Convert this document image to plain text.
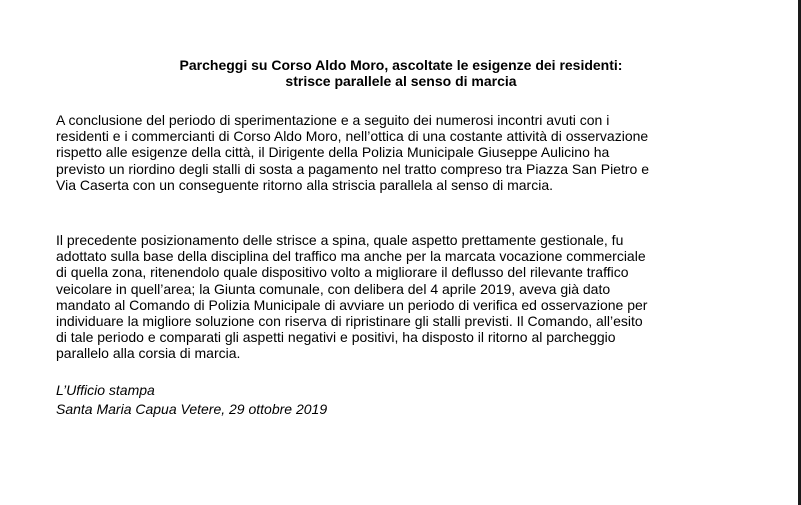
Parcheggi su Corso Aldo Moro, ascoltate le esigenze dei residenti:
strisce parallele al senso di marcia

A conclusione del periodo di sperimentazione e a seguito dei numerosi incontri avuti con i
residenti e i commercianti di Corso Aldo Moro, nell’ottica di una costante attività di osservazione
rispetto alle esigenze della città, il Dirigente della Polizia Municipale Giuseppe Aulicino ha
previsto un riordino degli stalli di sosta a pagamento nel tratto compreso tra Piazza San Pietro e
Via Caserta con un conseguente ritorno alla striscia parallela al senso di marcia.

Il precedente posizionamento delle strisce a spina, quale aspetto prettamente gestionale, fu
adottato sulla base della disciplina del traffico ma anche per la marcata vocazione commerciale
di quella zona, ritenendolo quale dispositivo volto a migliorare il deflusso del rilevante traffico
veicolare in quell’area; la Giunta comunale, con delibera del 4 aprile 2019, aveva già dato
mandato al Comando di Polizia Municipale di avviare un periodo di verifica ed osservazione per
individuare la migliore soluzione con riserva di ripristinare gli stalli previsti. Il Comando, all’esito
di tale periodo e comparati gli aspetti negativi e positivi, ha disposto il ritorno al parcheggio
parallelo alla corsia di marcia.

L’Ufficio stampa
Santa Maria Capua Vetere, 29 ottobre 2019
